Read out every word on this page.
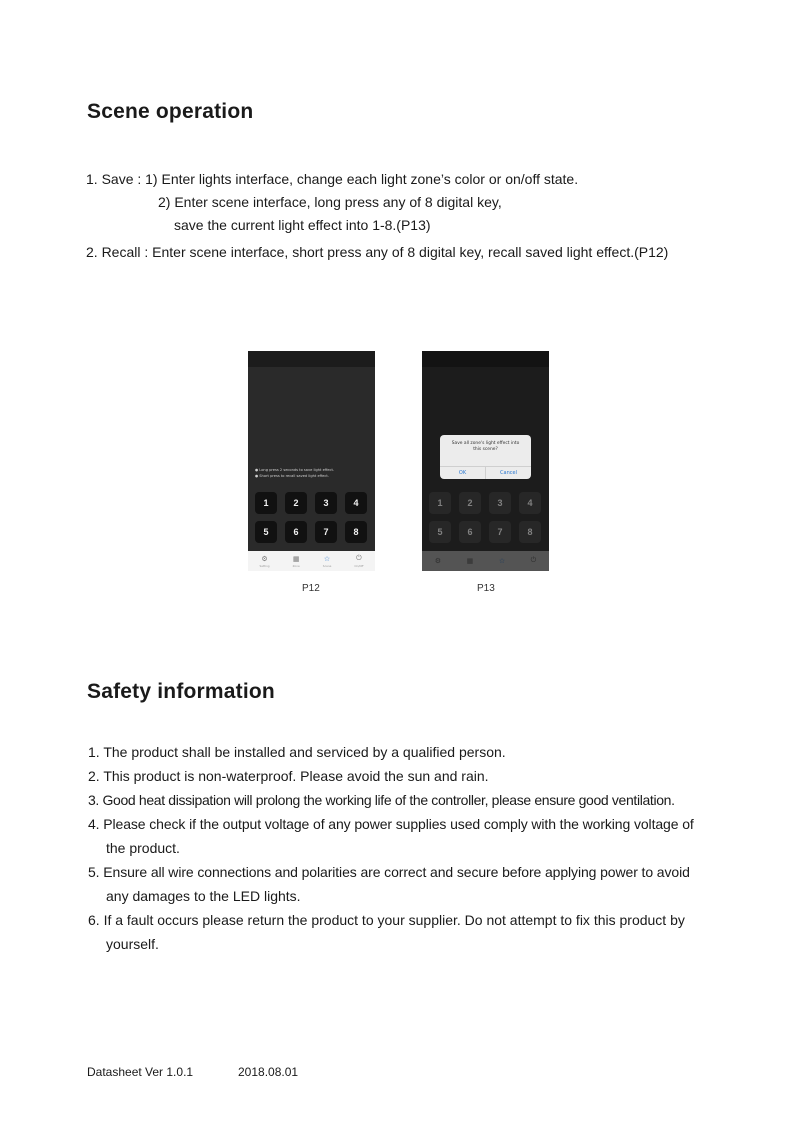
Scene operation
1. Save : 1) Enter lights interface, change each light zone’s color or on/off state.
2) Enter scene interface, long press any of 8 digital key,
save the current light effect into 1-8.(P13)
2. Recall : Enter scene interface, short press any of 8 digital key, recall saved light effect.(P12)
● Long press 2 seconds to save light effect.
● Short press to recall saved light effect.
1	2	3	4
5	6	7	8
⚙
Setting
▦
Zone
☆
Scene
⏻
On/Off
P12
1	2	3	4
5	6	7	8
⚙	▦	☆	⏻
Save all zone's light effect into
this scene?
OK	Cancel
P13
Safety information
1. The product shall be installed and serviced by a qualified person.
2. This product is non-waterproof. Please avoid the sun and rain.
3. Good heat dissipation will prolong the working life of the controller, please ensure good ventilation.
4. Please check if the output voltage of any power supplies used comply with the working voltage of
the product.
5. Ensure all wire connections and polarities are correct and secure before applying power to avoid
any damages to the LED lights.
6. If a fault occurs please return the product to your supplier. Do not attempt to fix this product by
yourself.
Datasheet Ver 1.0.1	2018.08.01
